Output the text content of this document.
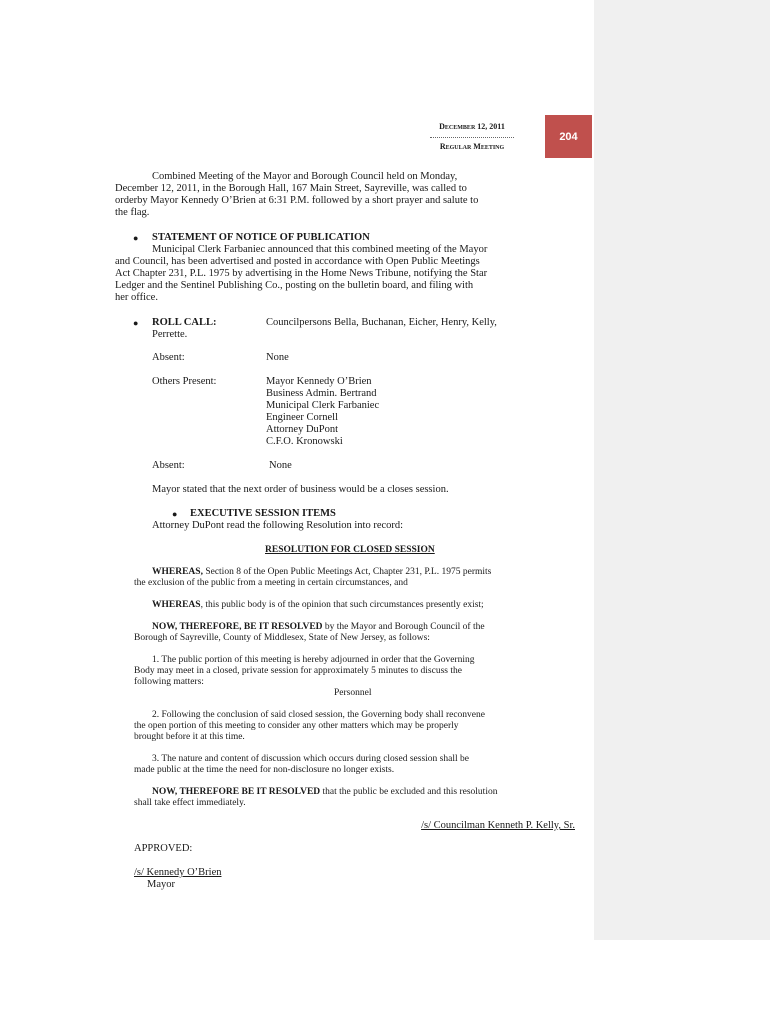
204
December 12, 2011
Regular Meeting
Combined Meeting of the Mayor and Borough Council held on Monday,
December 12, 2011, in the Borough Hall, 167 Main Street, Sayreville, was called to
orderby Mayor Kennedy O’Brien at 6:31 P.M. followed by a short prayer and salute to
the flag.
● STATEMENT OF NOTICE OF PUBLICATION
Municipal Clerk Farbaniec announced that this combined meeting of the Mayor
and Council, has been advertised and posted in accordance with Open Public Meetings
Act Chapter 231, P.L. 1975 by advertising in the Home News Tribune, notifying the Star
Ledger and the Sentinel Publishing Co., posting on the bulletin board, and filing with
her office.
● ROLL CALL:	Councilpersons Bella, Buchanan, Eicher, Henry, Kelly,
Perrette.
Absent:	None
Others Present:	Mayor Kennedy O’Brien
Business Admin. Bertrand
Municipal Clerk Farbaniec
Engineer Cornell
Attorney DuPont
C.F.O. Kronowski
Absent:	None
Mayor stated that the next order of business would be a closes session.
● EXECUTIVE SESSION ITEMS
Attorney DuPont read the following Resolution into record:
RESOLUTION FOR CLOSED SESSION
WHEREAS, Section 8 of the Open Public Meetings Act, Chapter 231, P.L. 1975 permits
the exclusion of the public from a meeting in certain circumstances, and
WHEREAS, this public body is of the opinion that such circumstances presently exist;
NOW, THEREFORE, BE IT RESOLVED by the Mayor and Borough Council of the
Borough of Sayreville, County of Middlesex, State of New Jersey, as follows:
1. The public portion of this meeting is hereby adjourned in order that the Governing
Body may meet in a closed, private session for approximately 5 minutes to discuss the
following matters:
Personnel
2. Following the conclusion of said closed session, the Governing body shall reconvene
the open portion of this meeting to consider any other matters which may be properly
brought before it at this time.
3. The nature and content of discussion which occurs during closed session shall be
made public at the time the need for non-disclosure no longer exists.
NOW, THEREFORE BE IT RESOLVED that the public be excluded and this resolution
shall take effect immediately.
/s/ Councilman Kenneth P. Kelly, Sr.
APPROVED:
/s/ Kennedy O’Brien
Mayor
